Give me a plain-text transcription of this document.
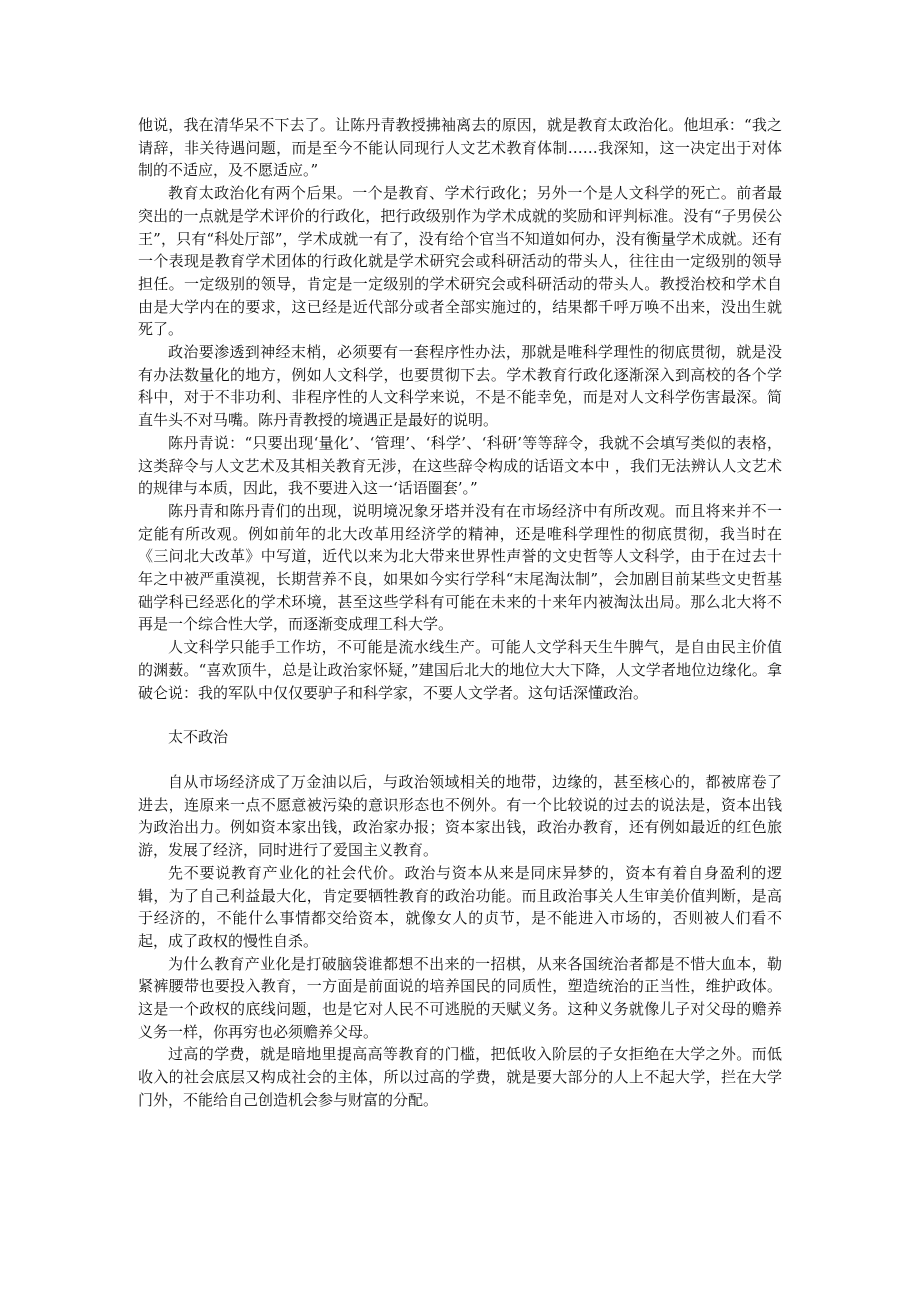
他说，我在清华呆不下去了。让陈丹青教授拂袖离去的原因，就是教育太政治化。他坦承：“我之请辞，非关待遇问题，而是至今不能认同现行人文艺术教育体制……我深知，这一决定出于对体制的不适应，及不愿适应。”

教育太政治化有两个后果。一个是教育、学术行政化；另外一个是人文科学的死亡。前者最突出的一点就是学术评价的行政化，把行政级别作为学术成就的奖励和评判标准。没有“子男侯公王”，只有“科处厅部”，学术成就一有了，没有给个官当不知道如何办，没有衡量学术成就。还有一个表现是教育学术团体的行政化就是学术研究会或科研活动的带头人，往往由一定级别的领导担任。一定级别的领导，肯定是一定级别的学术研究会或科研活动的带头人。教授治校和学术自由是大学内在的要求，这已经是近代部分或者全部实施过的，结果都千呼万唤不出来，没出生就死了。

政治要渗透到神经末梢，必须要有一套程序性办法，那就是唯科学理性的彻底贯彻，就是没有办法数量化的地方，例如人文科学，也要贯彻下去。学术教育行政化逐渐深入到高校的各个学科中，对于不非功利、非程序性的人文科学来说，不是不能幸免，而是对人文科学伤害最深。简直牛头不对马嘴。陈丹青教授的境遇正是最好的说明。

陈丹青说：“只要出现‘量化’、‘管理’、‘科学’、‘科研’等等辞令，我就不会填写类似的表格，这类辞令与人文艺术及其相关教育无涉，在这些辞令构成的话语文本中 ，我们无法辨认人文艺术的规律与本质，因此，我不要进入这一‘话语圈套’。”

陈丹青和陈丹青们的出现，说明境况象牙塔并没有在市场经济中有所改观。而且将来并不一定能有所改观。例如前年的北大改革用经济学的精神，还是唯科学理性的彻底贯彻，我当时在《三问北大改革》中写道，近代以来为北大带来世界性声誉的文史哲等人文科学，由于在过去十年之中被严重漠视，长期营养不良，如果如今实行学科“末尾淘汰制”，会加剧目前某些文史哲基础学科已经恶化的学术环境，甚至这些学科有可能在未来的十来年内被淘汰出局。那么北大将不再是一个综合性大学，而逐渐变成理工科大学。

人文科学只能手工作坊，不可能是流水线生产。可能人文学科天生牛脾气，是自由民主价值的渊薮。“喜欢顶牛，总是让政治家怀疑，”建国后北大的地位大大下降，人文学者地位边缘化。拿破仑说：我的军队中仅仅要驴子和科学家，不要人文学者。这句话深懂政治。

太不政治

自从市场经济成了万金油以后，与政治领域相关的地带，边缘的，甚至核心的，都被席卷了进去，连原来一点不愿意被污染的意识形态也不例外。有一个比较说的过去的说法是，资本出钱为政治出力。例如资本家出钱，政治家办报；资本家出钱，政治办教育，还有例如最近的红色旅游，发展了经济，同时进行了爱国主义教育。

先不要说教育产业化的社会代价。政治与资本从来是同床异梦的，资本有着自身盈利的逻辑，为了自己利益最大化，肯定要牺牲教育的政治功能。而且政治事关人生审美价值判断，是高于经济的，不能什么事情都交给资本，就像女人的贞节，是不能进入市场的，否则被人们看不起，成了政权的慢性自杀。

为什么教育产业化是打破脑袋谁都想不出来的一招棋，从来各国统治者都是不惜大血本，勒紧裤腰带也要投入教育，一方面是前面说的培养国民的同质性，塑造统治的正当性，维护政体。这是一个政权的底线问题，也是它对人民不可逃脱的天赋义务。这种义务就像儿子对父母的赡养义务一样，你再穷也必须赡养父母。

过高的学费，就是暗地里提高高等教育的门槛，把低收入阶层的子女拒绝在大学之外。而低收入的社会底层又构成社会的主体，所以过高的学费，就是要大部分的人上不起大学，拦在大学门外，不能给自己创造机会参与财富的分配。
